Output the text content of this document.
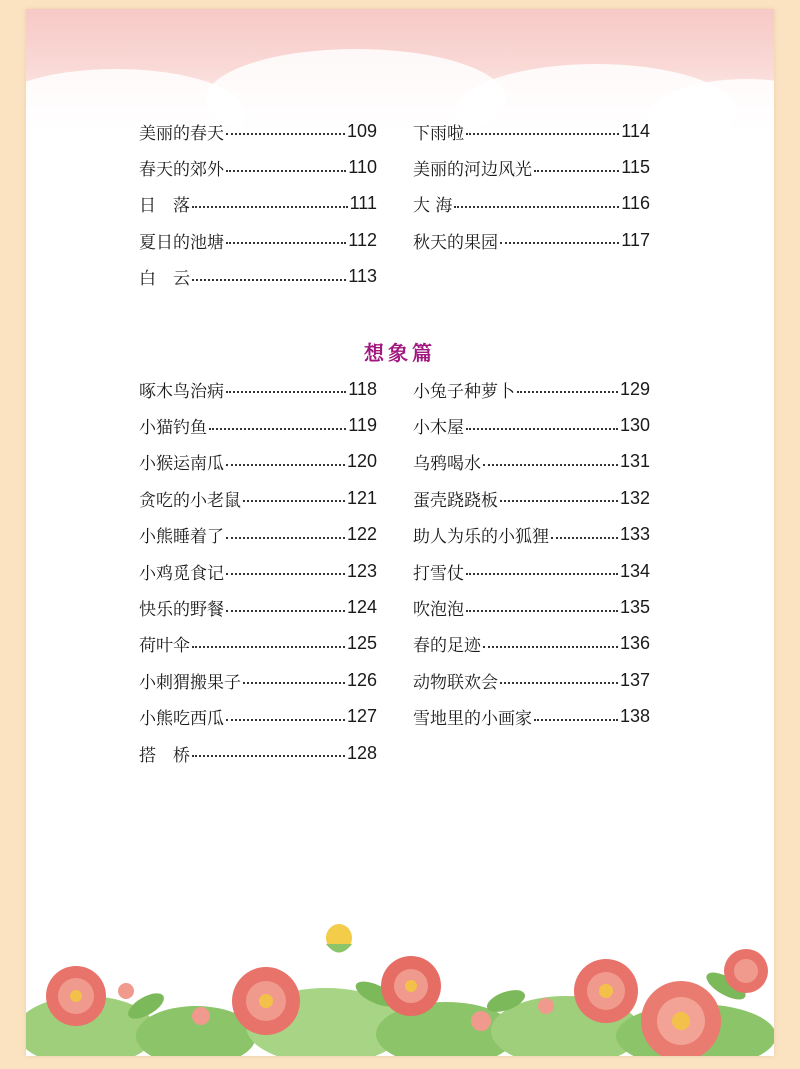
美丽的春天	109
春天的郊外	110
日　落	111
夏日的池塘	112
白　云	113
下雨啦	114
美丽的河边风光	115
大 海	116
秋天的果园	117
想象篇
啄木鸟治病	118
小猫钓鱼	119
小猴运南瓜	120
贪吃的小老鼠	121
小熊睡着了	122
小鸡觅食记	123
快乐的野餐	124
荷叶伞	125
小刺猬搬果子	126
小熊吃西瓜	127
搭　桥	128
小兔子种萝卜	129
小木屋	130
乌鸦喝水	131
蛋壳跷跷板	132
助人为乐的小狐狸	133
打雪仗	134
吹泡泡	135
春的足迹	136
动物联欢会	137
雪地里的小画家	138
